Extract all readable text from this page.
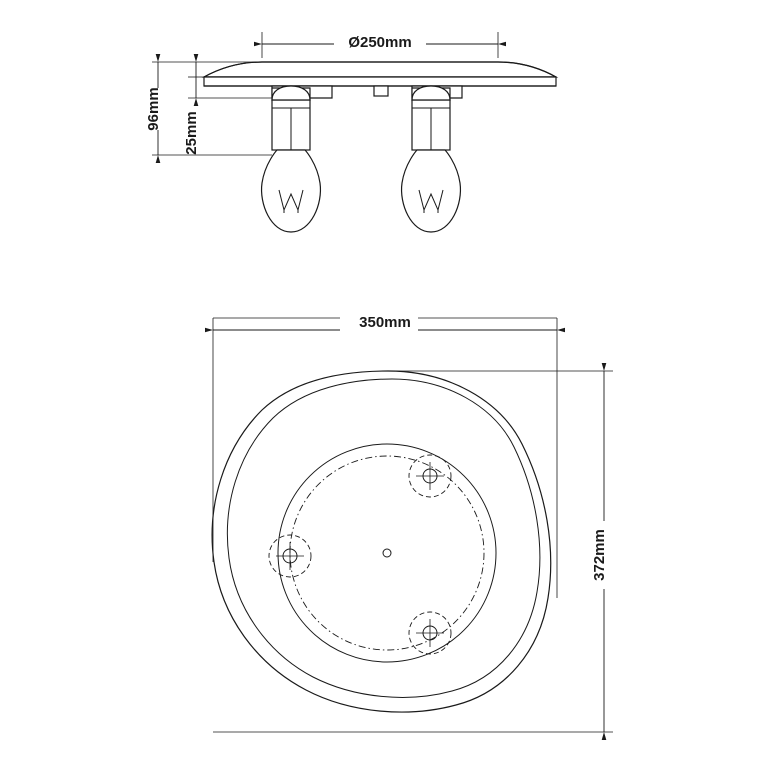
Ø250mm
96mm
25mm
350mm
372mm
